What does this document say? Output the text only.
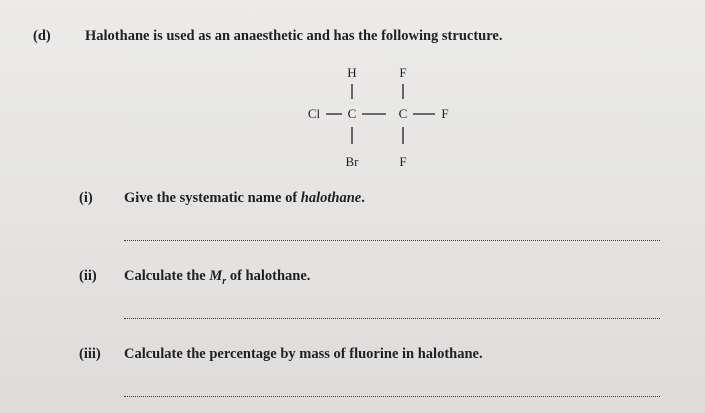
(d) Halothane is used as an anaesthetic and has the following structure.
H	F
Cl C	C	F
Br	F
(i) Give the systematic name of halothane.
(ii) Calculate the $M_r$ of halothane.
(iii) Calculate the percentage by mass of fluorine in halothane.
